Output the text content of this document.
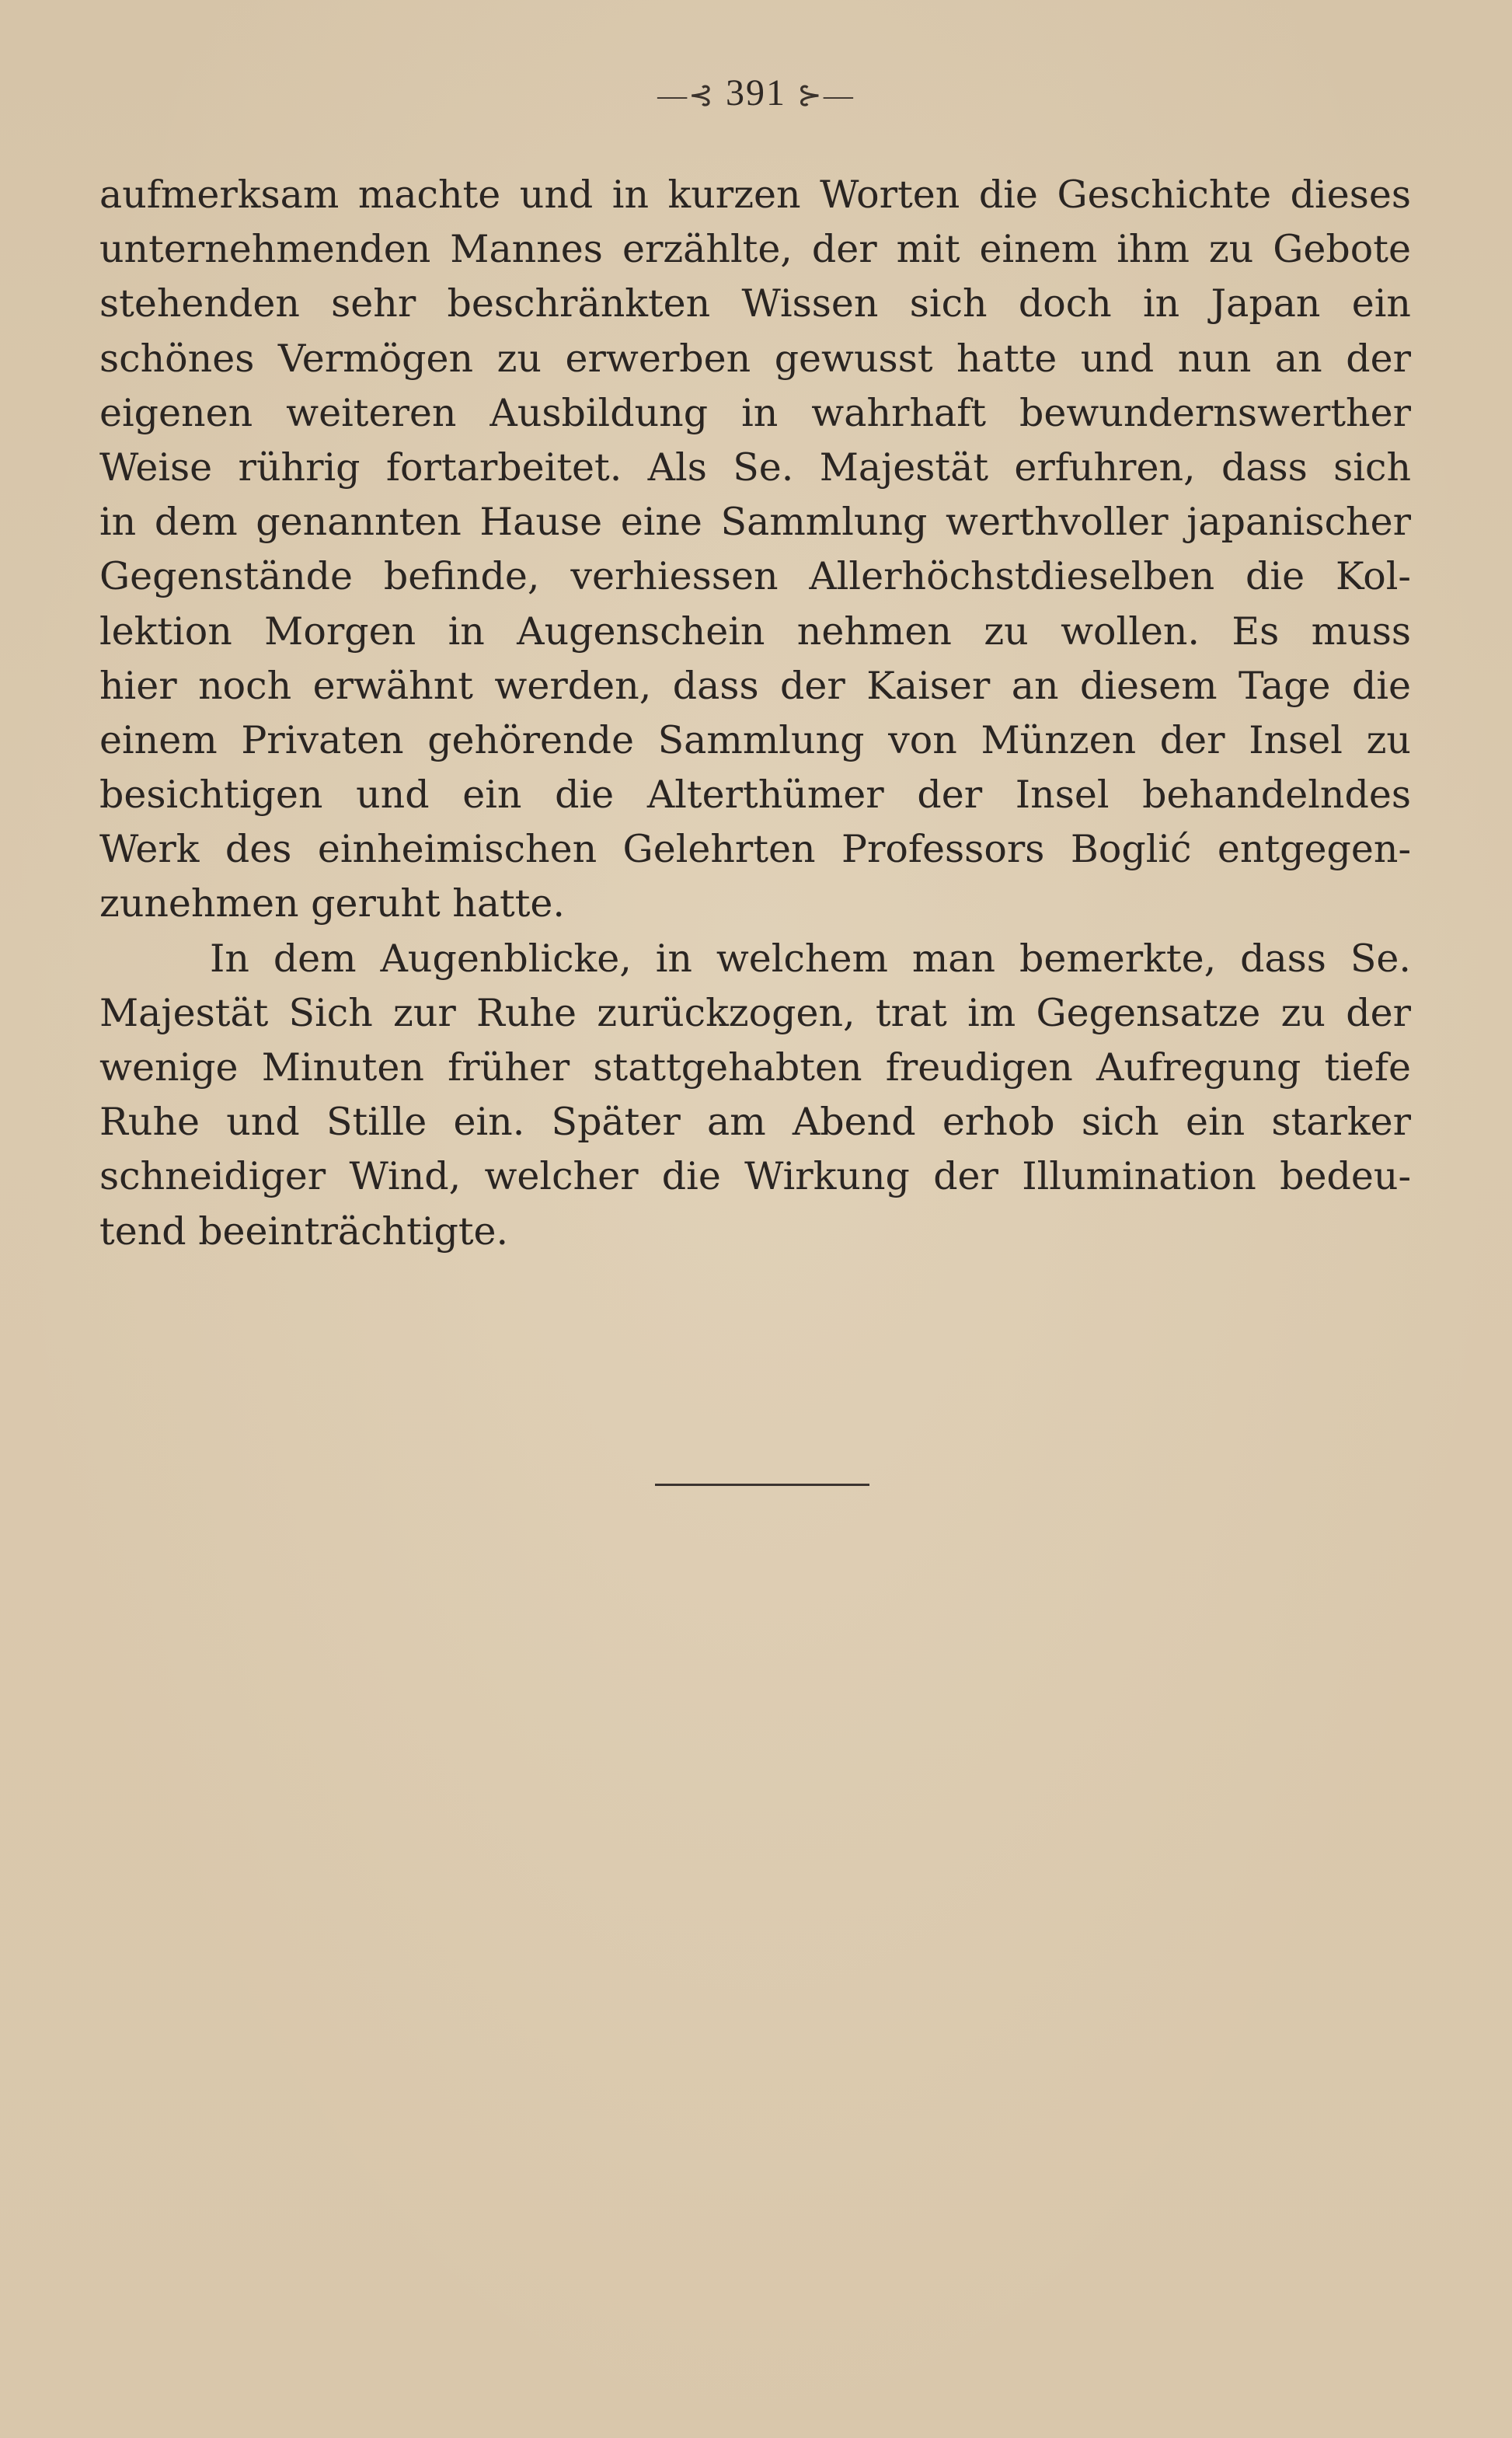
—⊰ 391 ⊱—
aufmerksam machte und in kurzen Worten die Geschichte dieses
unternehmenden Mannes erzählte, der mit einem ihm zu Gebote
stehenden sehr beschränkten Wissen sich doch in Japan ein
schönes Vermögen zu erwerben gewusst hatte und nun an der
eigenen weiteren Ausbildung in wahrhaft bewundernswerther
Weise rührig fortarbeitet. Als Se. Majestät erfuhren, dass sich
in dem genannten Hause eine Sammlung werthvoller japanischer
Gegenstände befinde, verhiessen Allerhöchstdieselben die Kol-
lektion Morgen in Augenschein nehmen zu wollen. Es muss
hier noch erwähnt werden, dass der Kaiser an diesem Tage die
einem Privaten gehörende Sammlung von Münzen der Insel zu
besichtigen und ein die Alterthümer der Insel behandelndes
Werk des einheimischen Gelehrten Professors Boglić entgegen-
zunehmen geruht hatte.
In dem Augenblicke, in welchem man bemerkte, dass Se.
Majestät Sich zur Ruhe zurückzogen, trat im Gegensatze zu der
wenige Minuten früher stattgehabten freudigen Aufregung tiefe
Ruhe und Stille ein. Später am Abend erhob sich ein starker
schneidiger Wind, welcher die Wirkung der Illumination bedeu-
tend beeinträchtigte.
